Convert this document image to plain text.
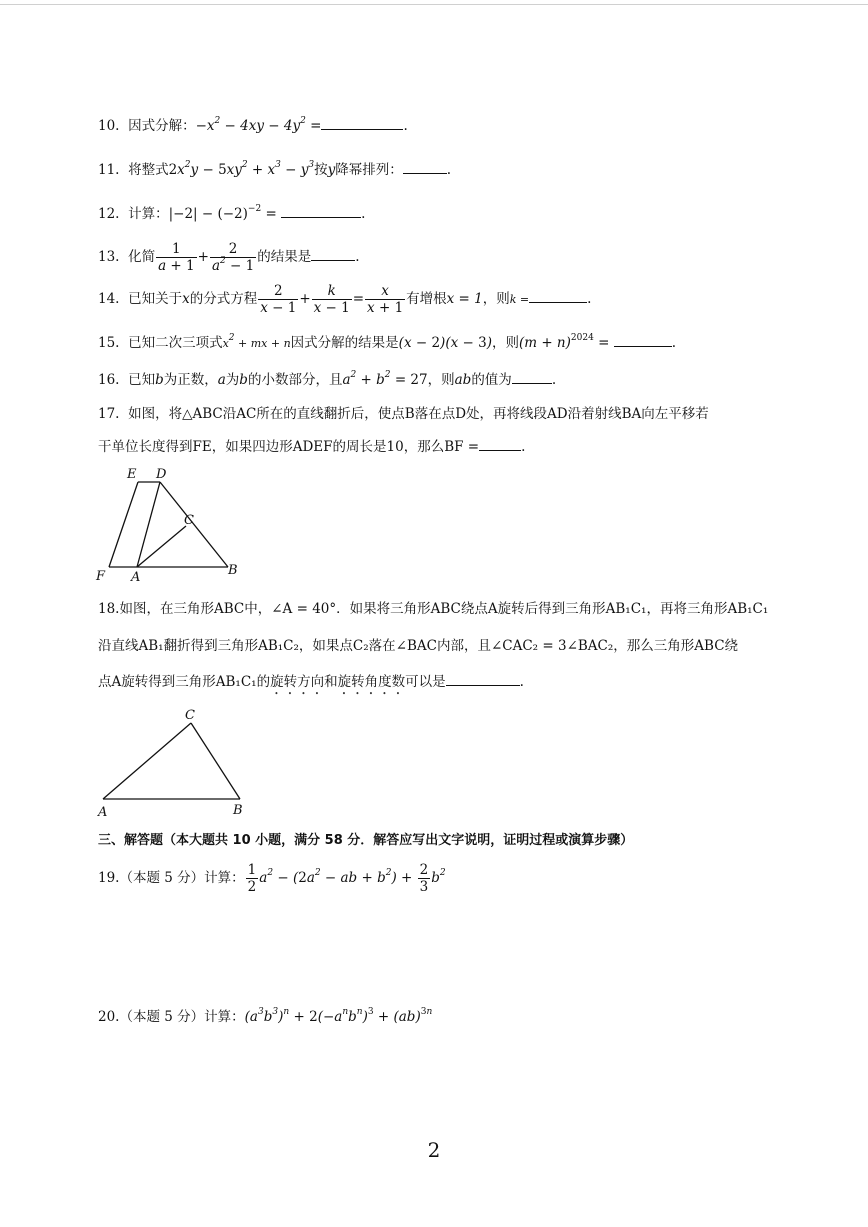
10. 因式分解：$-x^2 - 4xy - 4y^2$ =	.
11. 将整式$2x^2y - 5xy^2 + x^3 - y^3$按y降幂排列：	.
12. 计算：$|-2| - (-2)^{-2}$ =	.
13. 化简 $\frac{1}{a + 1} + \frac{2}{a^2 - 1}$ 的结果是	.
14. 已知关于x的分式方程 $\frac{2}{x - 1} + \frac{k}{x - 1} = \frac{x}{x + 1}$ 有增根x = 1，则k =	.
15. 已知二次三项式$x^2$ + mx + n因式分解的结果是(x − 2)(x − 3)，则$(m + n)^{2024}$ =	.
16. 已知b为正数，a为b的小数部分，且$a^2 + b^2 = 27$，则ab的值为	.
17. 如图，将△ABC沿AC所在的直线翻折后，使点B落在点D处，再将线段AD沿着射线BA向左平移若
干单位长度得到FE，如果四边形ADEF的周长是10，那么BF =	.
E D
C
F A	B
18.如图，在三角形ABC中，∠A = 40°．如果将三角形ABC绕点A旋转后得到三角形AB₁C₁，再将三角形AB₁C₁
沿直线AB₁翻折得到三角形AB₁C₂，如果点C₂落在∠BAC内部，且∠CAC₂ = 3∠BAC₂，那么三角形ABC绕
点A旋转得到三角形AB₁C₁的旋转方向和旋转角度数可以是	.
C
A	B
三、解答题（本大题共 10 小题，满分 58 分．解答应写出文字说明，证明过程或演算步骤）
19.（本题 5 分）计算： $\frac{1}{2} a^2 - (2a^2$ − ab + $b^2) + \frac{2}{3} b^2$
20.（本题 5 分）计算：$(a^3b^3)^n + 2(-a^nb^n)^3 + (ab)^{3n}$
2
